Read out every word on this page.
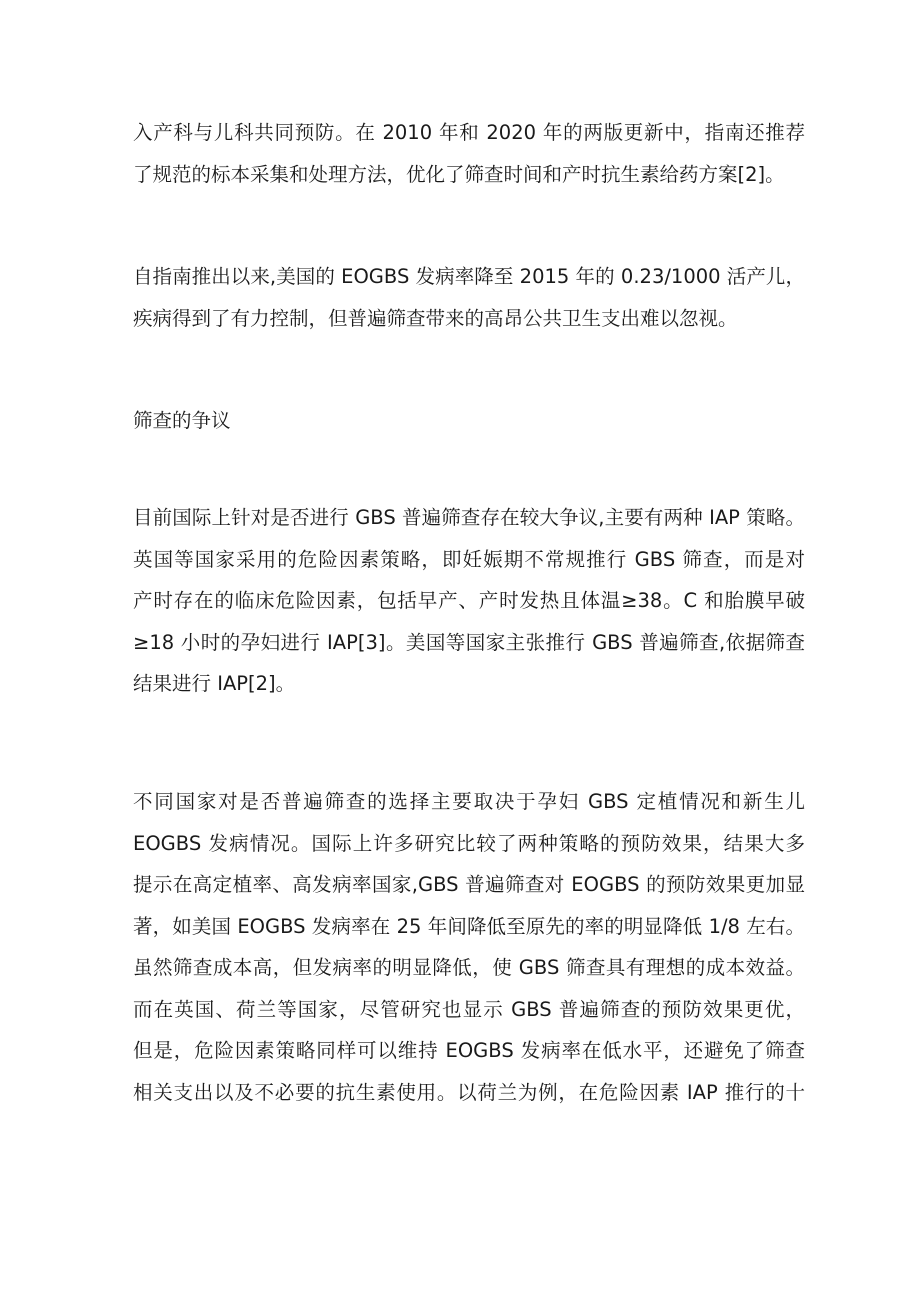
入产科与儿科共同预防。在 2010 年和 2020 年的两版更新中，指南还推荐
了规范的标本采集和处理方法，优化了筛查时间和产时抗生素给药方案[2]。
自指南推出以来,美国的 EOGBS 发病率降至 2015 年的 0.23/1000 活产儿，
疾病得到了有力控制，但普遍筛查带来的高昂公共卫生支出难以忽视。
筛查的争议
目前国际上针对是否进行 GBS 普遍筛查存在较大争议,主要有两种 IAP 策略。
英国等国家采用的危险因素策略，即妊娠期不常规推行 GBS 筛查，而是对
产时存在的临床危险因素，包括早产、产时发热且体温≥38。C 和胎膜早破
≥18 小时的孕妇进行 IAP[3]。美国等国家主张推行 GBS 普遍筛查,依据筛查
结果进行 IAP[2]。
不同国家对是否普遍筛查的选择主要取决于孕妇 GBS 定植情况和新生儿
EOGBS 发病情况。国际上许多研究比较了两种策略的预防效果，结果大多
提示在高定植率、高发病率国家,GBS 普遍筛查对 EOGBS 的预防效果更加显
著，如美国 EOGBS 发病率在 25 年间降低至原先的率的明显降低 1/8 左右。
虽然筛查成本高，但发病率的明显降低，使 GBS 筛查具有理想的成本效益。
而在英国、荷兰等国家，尽管研究也显示 GBS 普遍筛查的预防效果更优，
但是，危险因素策略同样可以维持 EOGBS 发病率在低水平，还避免了筛查
相关支出以及不必要的抗生素使用。以荷兰为例，在危险因素 IAP 推行的十
